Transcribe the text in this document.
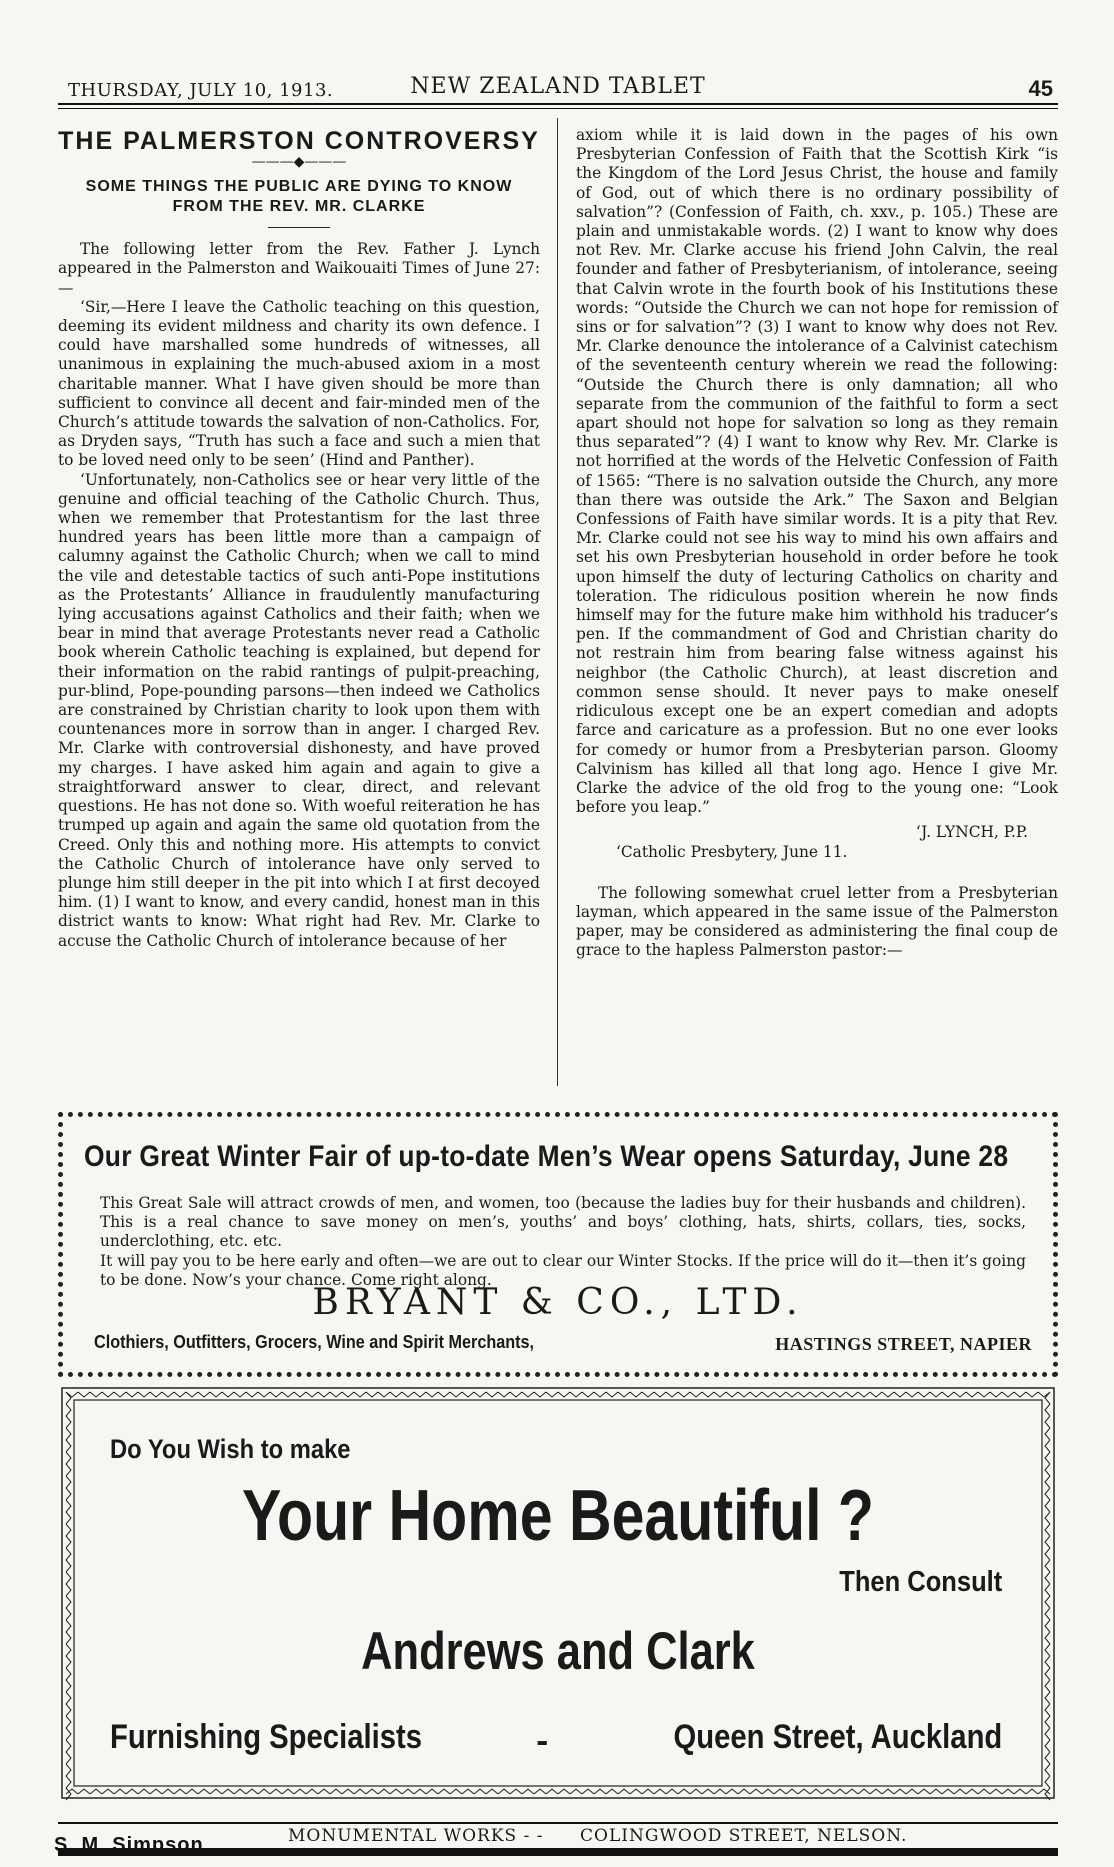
THURSDAY, JULY 10, 1913.	NEW ZEALAND TABLET	45
THE PALMERSTON CONTROVERSY
———◆———
SOME THINGS THE PUBLIC ARE DYING TO KNOW FROM THE REV. MR. CLARKE

The following letter from the Rev. Father J. Lynch appeared in the Palmerston and Waikouaiti Times of June 27:—

‘Sir,—Here I leave the Catholic teaching on this question, deeming its evident mildness and charity its own defence. I could have marshalled some hundreds of witnesses, all unanimous in explaining the much-abused axiom in a most charitable manner. What I have given should be more than sufficient to convince all decent and fair-minded men of the Church’s attitude towards the salvation of non-Catholics. For, as Dryden says, “Truth has such a face and such a mien that to be loved need only to be seen’ (Hind and Panther).

‘Unfortunately, non-Catholics see or hear very little of the genuine and official teaching of the Catholic Church. Thus, when we remember that Protestantism for the last three hundred years has been little more than a campaign of calumny against the Catholic Church; when we call to mind the vile and detestable tactics of such anti-Pope institutions as the Protestants’ Alliance in fraudulently manufacturing lying accusations against Catholics and their faith; when we bear in mind that average Protestants never read a Catholic book wherein Catholic teaching is explained, but depend for their information on the rabid rantings of pulpit-preaching, pur-blind, Pope-pounding parsons—then indeed we Catholics are constrained by Christian charity to look upon them with countenances more in sorrow than in anger. I charged Rev. Mr. Clarke with controversial dishonesty, and have proved my charges. I have asked him again and again to give a straightforward answer to clear, direct, and relevant questions. He has not done so. With woeful reiteration he has trumped up again and again the same old quotation from the Creed. Only this and nothing more. His attempts to convict the Catholic Church of intolerance have only served to plunge him still deeper in the pit into which I at first decoyed him. (1) I want to know, and every candid, honest man in this district wants to know: What right had Rev. Mr. Clarke to accuse the Catholic Church of intolerance because of her

axiom while it is laid down in the pages of his own Presbyterian Confession of Faith that the Scottish Kirk “is the Kingdom of the Lord Jesus Christ, the house and family of God, out of which there is no ordinary possibility of salvation”? (Confession of Faith, ch. xxv., p. 105.) These are plain and unmistakable words. (2) I want to know why does not Rev. Mr. Clarke accuse his friend John Calvin, the real founder and father of Presbyterianism, of intolerance, seeing that Calvin wrote in the fourth book of his Institutions these words: “Outside the Church we can not hope for remission of sins or for salvation”? (3) I want to know why does not Rev. Mr. Clarke denounce the intolerance of a Calvinist catechism of the seventeenth century wherein we read the following: “Outside the Church there is only damnation; all who separate from the communion of the faithful to form a sect apart should not hope for salvation so long as they remain thus separated”? (4) I want to know why Rev. Mr. Clarke is not horrified at the words of the Helvetic Confession of Faith of 1565: “There is no salvation outside the Church, any more than there was outside the Ark.” The Saxon and Belgian Confessions of Faith have similar words. It is a pity that Rev. Mr. Clarke could not see his way to mind his own affairs and set his own Presbyterian household in order before he took upon himself the duty of lecturing Catholics on charity and toleration. The ridiculous position wherein he now finds himself may for the future make him withhold his traducer’s pen. If the commandment of God and Christian charity do not restrain him from bearing false witness against his neighbor (the Catholic Church), at least discretion and common sense should. It never pays to make oneself ridiculous except one be an expert comedian and adopts farce and caricature as a profession. But no one ever looks for comedy or humor from a Presbyterian parson. Gloomy Calvinism has killed all that long ago. Hence I give Mr. Clarke the advice of the old frog to the young one: “Look before you leap.”

‘J. LYNCH, P.P.
‘Catholic Presbytery, June 11.

The following somewhat cruel letter from a Presbyterian layman, which appeared in the same issue of the Palmerston paper, may be considered as administering the final coup de grace to the hapless Palmerston pastor:—

Our Great Winter Fair of up-to-date Men’s Wear opens Saturday, June 28

This Great Sale will attract crowds of men, and women, too (because the ladies buy for their husbands and children). This is a real chance to save money on men’s, youths’ and boys’ clothing, hats, shirts, collars, ties, socks, underclothing, etc. etc.

It will pay you to be here early and often—we are out to clear our Winter Stocks. If the price will do it—then it’s going to be done. Now’s your chance. Come right along.

BRYANT & CO., LTD.
Clothiers, Outfitters, Grocers, Wine and Spirit Merchants,	HASTINGS STREET, NAPIER
Do You Wish to make
Your Home Beautiful ?
Then Consult
Andrews and Clark
Furnishing Specialists	-	Queen Street, Auckland
S. M. Simpson	MONUMENTAL WORKS - - COLINGWOOD STREET, NELSON.
